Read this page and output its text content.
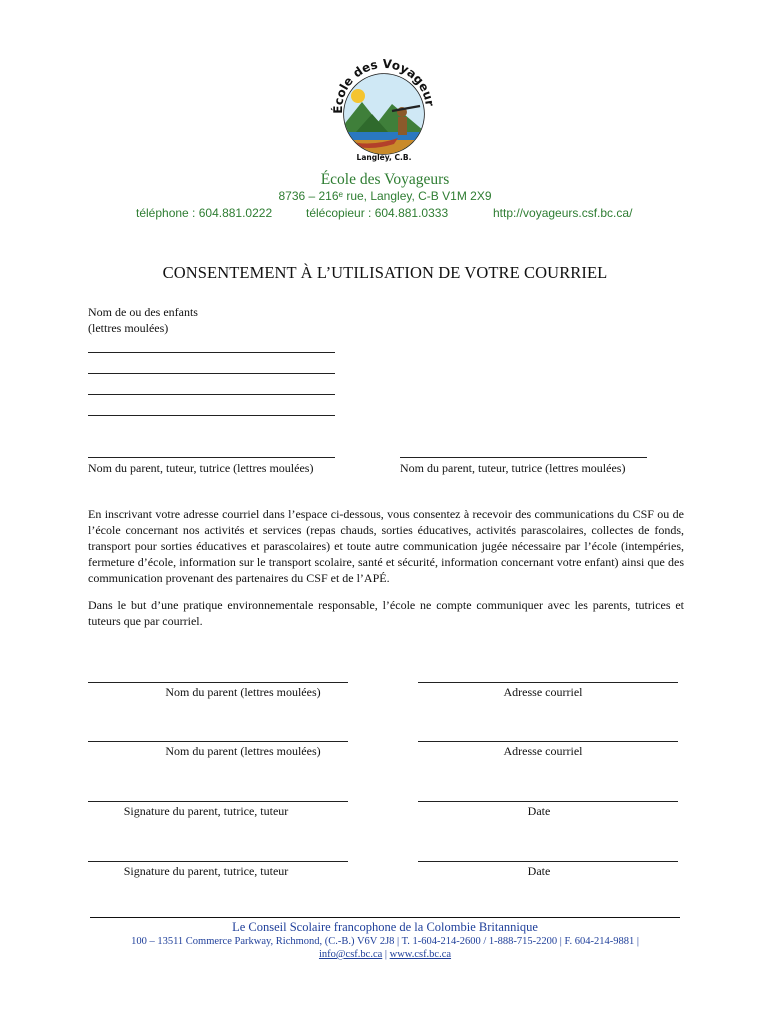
École des Voyageur
Langley, C.B.
École des Voyageurs
8736 – 216ᵉ rue, Langley, C-B V1M 2X9
téléphone : 604.881.0222	télécopieur : 604.881.0333	http://voyageurs.csf.bc.ca/
CONSENTEMENT À L’UTILISATION DE VOTRE COURRIEL
Nom de ou des enfants
(lettres moulées)
Nom du parent, tuteur, tutrice (lettres moulées)	Nom du parent, tuteur, tutrice (lettres moulées)
En inscrivant votre adresse courriel dans l’espace ci-dessous, vous consentez à recevoir des communications du CSF ou de l’école concernant nos activités et services (repas chauds, sorties éducatives, activités parascolaires, collectes de fonds, transport pour sorties éducatives et parascolaires) et toute autre communication jugée nécessaire par l’école (intempéries, fermeture d’école, information sur le transport scolaire, santé et sécurité, information concernant votre enfant) ainsi que des communication provenant des partenaires du CSF et de l’APÉ.
Dans le but d’une pratique environnementale responsable, l’école ne compte communiquer avec les parents, tutrices et tuteurs que par courriel.
Nom du parent (lettres moulées)	Adresse courriel
Nom du parent (lettres moulées)	Adresse courriel
Signature du parent, tutrice, tuteur	Date
Signature du parent, tutrice, tuteur	Date
Le Conseil Scolaire francophone de la Colombie Britannique
100 – 13511 Commerce Parkway, Richmond, (C.-B.) V6V 2J8 | T. 1-604-214-2600 / 1-888-715-2200 | F. 604-214-9881 |
info@csf.bc.ca | www.csf.bc.ca
